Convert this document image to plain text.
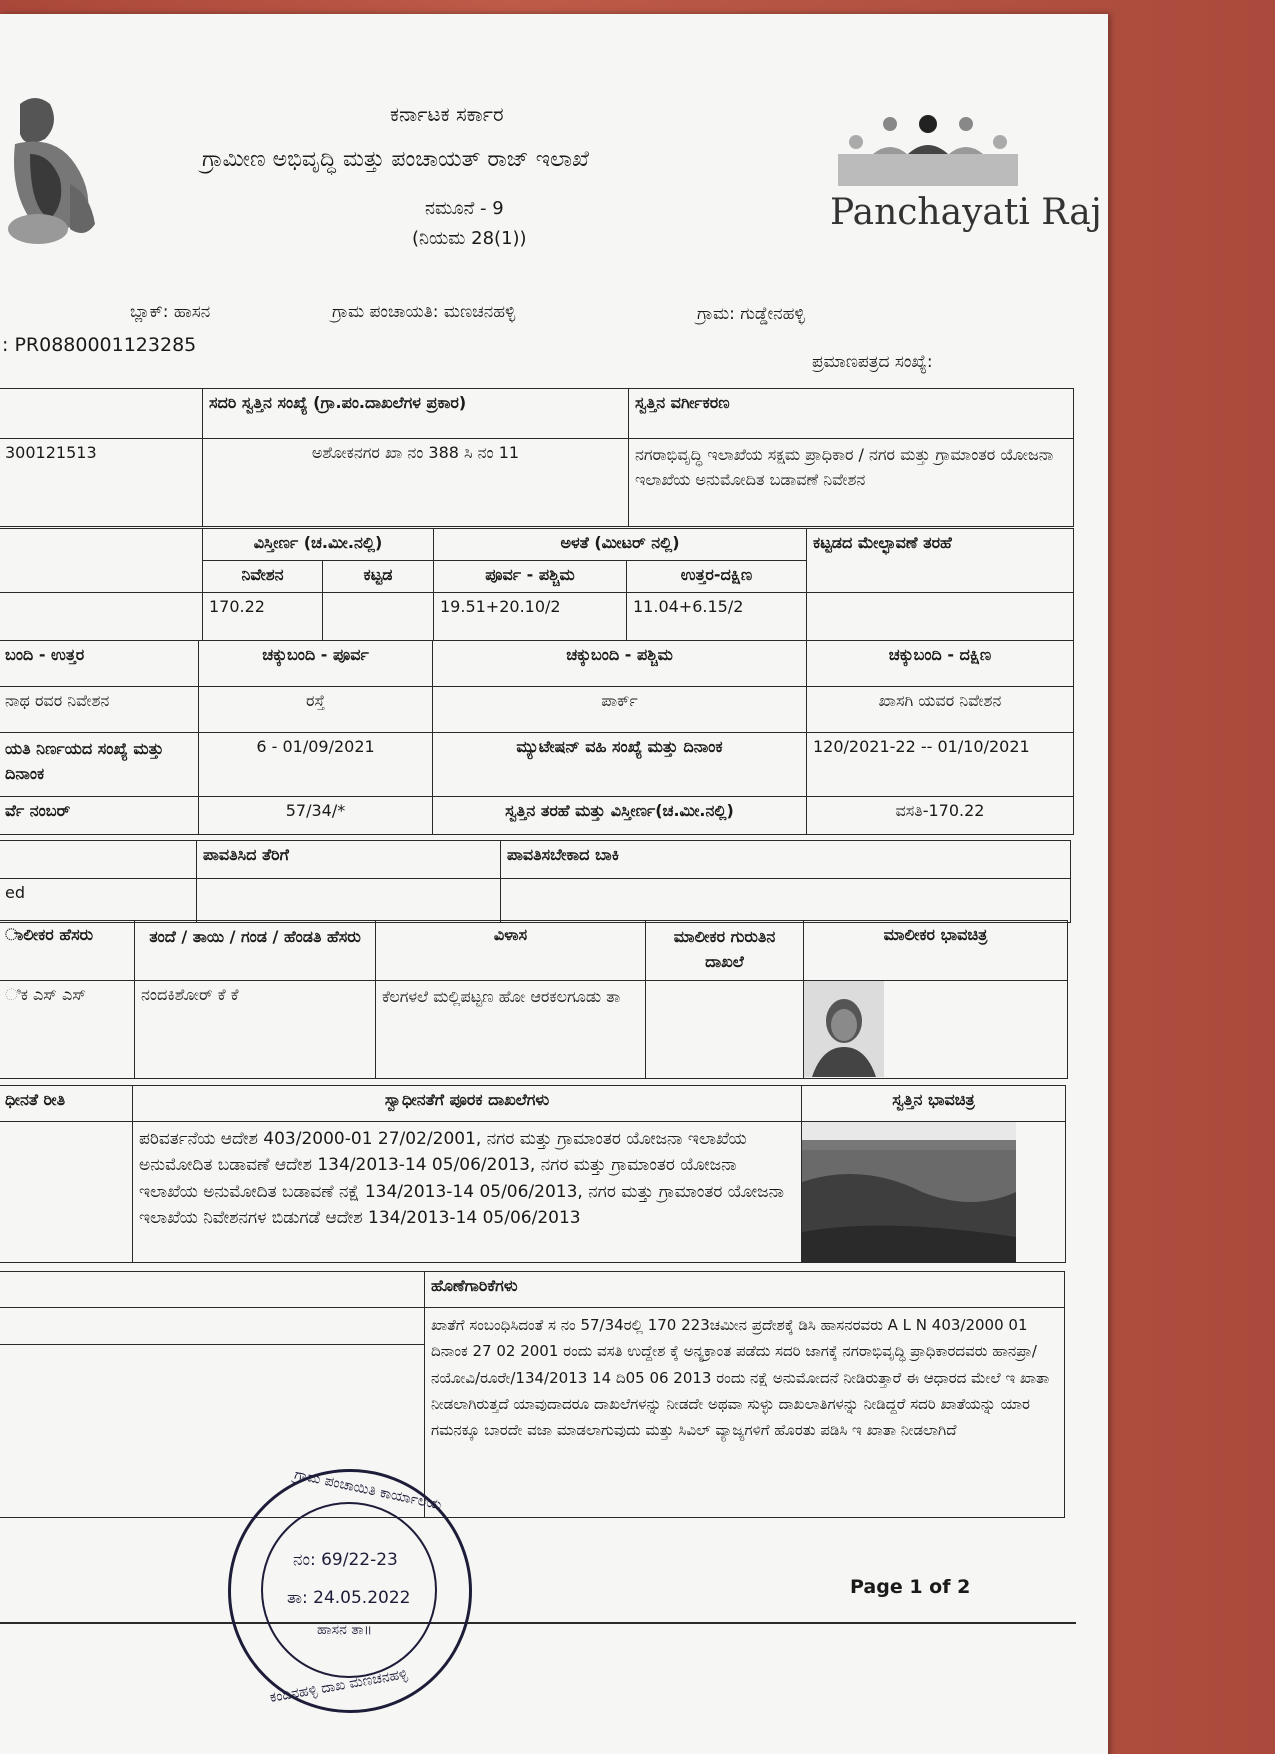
Panchayati Raj
ಕರ್ನಾಟಕ ಸರ್ಕಾರ
ಗ್ರಾಮೀಣ ಅಭಿವೃದ್ಧಿ ಮತ್ತು ಪಂಚಾಯತ್ ರಾಜ್ ಇಲಾಖೆ
ನಮೂನೆ - 9
(ನಿಯಮ 28(1))
ಬ್ಲಾಕ್: ಹಾಸನ	ಗ್ರಾಮ ಪಂಚಾಯತಿ: ಮಣಚನಹಳ್ಳಿ	ಗ್ರಾಮ: ಗುಡ್ಡೇನಹಳ್ಳಿ
: PR0880001123285
ಪ್ರಮಾಣಪತ್ರದ ಸಂಖ್ಯೆ:
	ಸದರಿ ಸ್ವತ್ತಿನ ಸಂಖ್ಯೆ (ಗ್ರಾ.ಪಂ.ದಾಖಲೆಗಳ ಪ್ರಕಾರ)	ಸ್ವತ್ತಿನ ವರ್ಗೀಕರಣ
300121513	ಅಶೋಕನಗರ ಖಾ ನಂ 388 ಸಿ ನಂ 11	ನಗರಾಭಿವೃದ್ಧಿ ಇಲಾಖೆಯ ಸಕ್ಷಮ ಪ್ರಾಧಿಕಾರ / ನಗರ ಮತ್ತು ಗ್ರಾಮಾಂತರ ಯೋಜನಾ ಇಲಾಖೆಯ ಅನುಮೋದಿತ ಬಡಾವಣೆ ನಿವೇಶನ
	ವಿಸ್ತೀರ್ಣ (ಚ.ಮೀ.ನಲ್ಲಿ)		ಅಳತೆ (ಮೀಟರ್ ನಲ್ಲಿ)		ಕಟ್ಟಡದ ಮೇಲ್ಛಾವಣೆ ತರಹೆ
	ನಿವೇಶನ	ಕಟ್ಟಡ	ಪೂರ್ವ - ಪಶ್ಚಿಮ	ಉತ್ತರ-ದಕ್ಷಿಣ	
	170.22		19.51+20.10/2	11.04+6.15/2	
ಬಂದಿ - ಉತ್ತರ	ಚಕ್ಕುಬಂದಿ - ಪೂರ್ವ	ಚಕ್ಕುಬಂದಿ - ಪಶ್ಚಿಮ	ಚಕ್ಕುಬಂದಿ - ದಕ್ಷಿಣ
ನಾಥ ರವರ ನಿವೇಶನ	ರಸ್ತೆ	ಪಾರ್ಕ್	ಖಾಸಗಿ ಯವರ ನಿವೇಶನ
ಯತಿ ನಿರ್ಣಯದ ಸಂಖ್ಯೆ ಮತ್ತು ದಿನಾಂಕ	6 - 01/09/2021	ಮ್ಯುಟೇಷನ್ ವಹಿ ಸಂಖ್ಯೆ ಮತ್ತು ದಿನಾಂಕ	120/2021-22 -- 01/10/2021
ರ್ವೆ ನಂಬರ್	57/34/*	ಸ್ವತ್ತಿನ ತರಹೆ ಮತ್ತು ವಿಸ್ತೀರ್ಣ(ಚ.ಮೀ.ನಲ್ಲಿ)	ವಸತಿ-170.22
	ಪಾವತಿಸಿದ ತೆರಿಗೆ	ಪಾವತಿಸಬೇಕಾದ ಬಾಕಿ
ed		
ಾಲೀಕರ ಹೆಸರು	ತಂದೆ / ತಾಯಿ / ಗಂಡ / ಹೆಂಡತಿ ಹೆಸರು	ವಿಳಾಸ	ಮಾಲೀಕರ ಗುರುತಿನ ದಾಖಲೆ	ಮಾಲೀಕರ ಭಾವಚಿತ್ರ
ಿಕ ಎಸ್ ಎಸ್	ನಂದಕಿಶೋರ್ ಕೆ ಕೆ	ಕೆಲಗಳಲೆ ಮಲ್ಲಿಪಟ್ಟಣ ಹೋ ಆರಕಲಗೂಡು ತಾ		
ಧೀನತೆ ರೀತಿ	ಸ್ವಾಧೀನತೆಗೆ ಪೂರಕ ದಾಖಲೆಗಳು	ಸ್ವತ್ತಿನ ಭಾವಚಿತ್ರ
	ಪರಿವರ್ತನೆಯ ಆದೇಶ 403/2000-01 27/02/2001, ನಗರ ಮತ್ತು ಗ್ರಾಮಾಂತರ ಯೋಜನಾ ಇಲಾಖೆಯ ಅನುಮೋದಿತ ಬಡಾವಣೆ ಆದೇಶ 134/2013-14 05/06/2013, ನಗರ ಮತ್ತು ಗ್ರಾಮಾಂತರ ಯೋಜನಾ ಇಲಾಖೆಯ ಅನುಮೋದಿತ ಬಡಾವಣೆ ನಕ್ಷೆ 134/2013-14 05/06/2013, ನಗರ ಮತ್ತು ಗ್ರಾಮಾಂತರ ಯೋಜನಾ ಇಲಾಖೆಯ ನಿವೇಶನಗಳ ಬಿಡುಗಡೆ ಆದೇಶ 134/2013-14 05/06/2013	
	ಹೊಣೆಗಾರಿಕೆಗಳು

	ಖಾತೆಗೆ ಸಂಬಂಧಿಸಿದಂತೆ ಸ ನಂ 57/34ರಲ್ಲಿ 170 223ಚಮೀನ ಪ್ರದೇಶಕ್ಕೆ ಡಿಸಿ ಹಾಸನರವರು A L N 403/2000 01 ದಿನಾಂಕ 27 02 2001 ರಂದು ವಸತಿ ಉದ್ದೇಶ ಕ್ಕೆ ಅನ್ಯಕ್ರಾಂತ ಪಡೆದು ಸದರಿ ಜಾಗಕ್ಕೆ ನಗರಾಭಿವೃದ್ಧಿ ಪ್ರಾಧಿಕಾರದವರು ಹಾನಪ್ರಾ/ನಯೋವಿ/ರೂರೇ/134/2013 14 ದಿ05 06 2013 ರಂದು ನಕ್ಷೆ ಅನುಮೋದನೆ ನೀಡಿರುತ್ತಾರೆ ಈ ಆಧಾರದ ಮೇಲೆ ಇ ಖಾತಾ ನೀಡಲಾಗಿರುತ್ತದೆ ಯಾವುದಾದರೂ ದಾಖಲೆಗಳನ್ನು ನೀಡದೇ ಅಥವಾ ಸುಳ್ಳು ದಾಖಲಾತಿಗಳನ್ನು ನೀಡಿದ್ದರೆ ಸದರಿ ಖಾತೆಯನ್ನು ಯಾರ ಗಮನಕ್ಕೂ ಬಾರದೇ ವಜಾ ಮಾಡಲಾಗುವುದು ಮತ್ತು ಸಿವಿಲ್ ವ್ಯಾಜ್ಯಗಳಿಗೆ ಹೊರತು ಪಡಿಸಿ ಇ ಖಾತಾ ನೀಡಲಾಗಿದೆ
Page 1 of 2
ಗ್ರಾಮ ಪಂಚಾಯಿತಿ ಕಾರ್ಯಾಲಯ
ನಂ: 69/22-23
ತಾ: 24.05.2022
ಹಾಸನ ತಾ॥
ಕಂದಿನಹಳ್ಳಿ ದಾಖ ಮಣಚನಹಳ್ಳಿ
